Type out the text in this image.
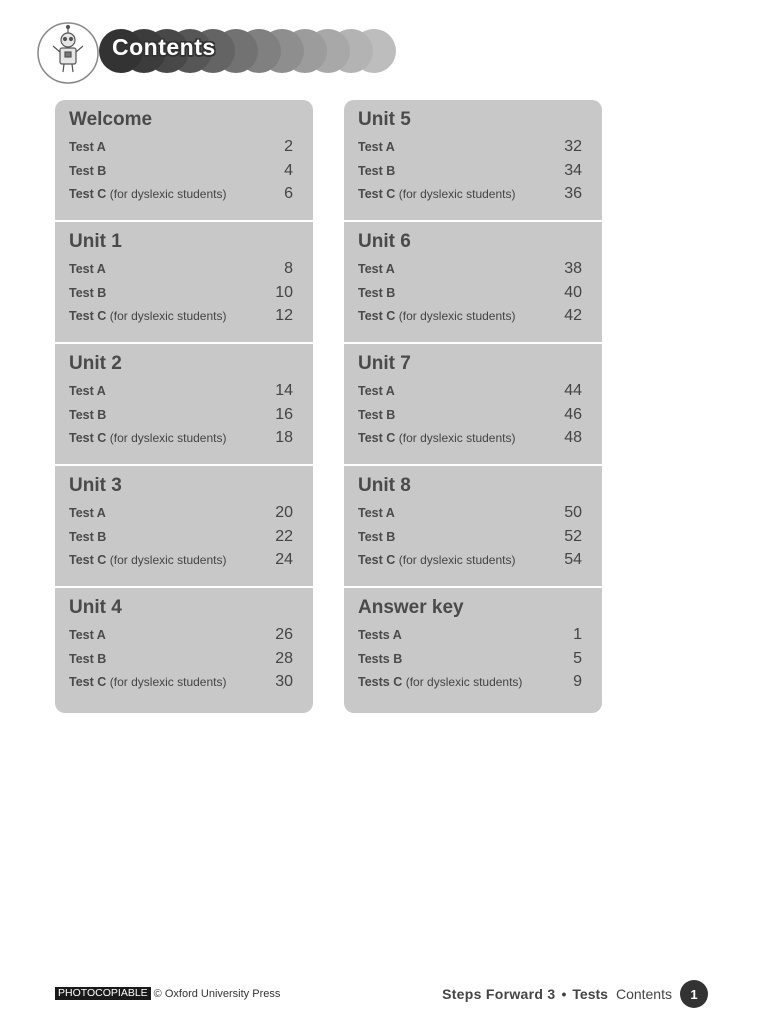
Contents
Welcome
Test A	2
Test B	4
Test C (for dyslexic students)	6
Unit 1
Test A	8
Test B	10
Test C (for dyslexic students)	12
Unit 2
Test A	14
Test B	16
Test C (for dyslexic students)	18
Unit 3
Test A	20
Test B	22
Test C (for dyslexic students)	24
Unit 4
Test A	26
Test B	28
Test C (for dyslexic students)	30
Unit 5
Test A	32
Test B	34
Test C (for dyslexic students)	36
Unit 6
Test A	38
Test B	40
Test C (for dyslexic students)	42
Unit 7
Test A	44
Test B	46
Test C (for dyslexic students)	48
Unit 8
Test A	50
Test B	52
Test C (for dyslexic students)	54
Answer key
Tests A	1
Tests B	5
Tests C (for dyslexic students)	9
PHOTOCOPIABLE © Oxford University Press	Steps Forward 3 • Tests Contents	1
